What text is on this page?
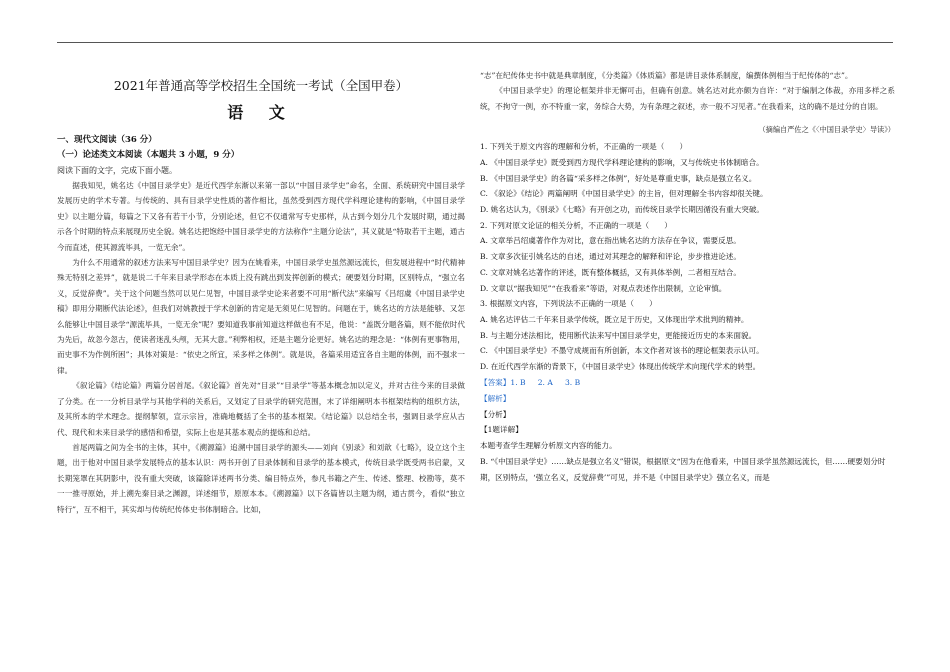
2021年普通高等学校招生全国统一考试（全国甲卷）
语 文
一、现代文阅读（36 分）
（一）论述类文本阅读（本题共 3 小题，9 分）
阅读下面的文字，完成下面小题。

据我知见，姚名达《中国目录学史》是近代西学东渐以来第一部以“中国目录学史”命名，全面、系统研究中国目录学发展历史的学术专著。与传统的、具有目录学史性质的著作相比，虽然受到西方现代学科理论建构的影响，《中国目录学史》以主题分篇，每篇之下又各有若干小节，分别论述，但它不仅通常写专史那样，从古到今划分几个发展时期，通过揭示各个时期的特点来展现历史全貌。姚名达把饱经中国目录学史的方法称作“主题分论法”，其义就是“特取若干主题，通古今而直述，使其源流毕具，一览无余”。

为什么不用通常的叙述方法来写中国目录学史？因为在姚看来，中国目录学史虽然源远流长，但发展进程中“时代精神殊无特别之差异”，就是说二千年来目录学形态在本质上没有跳出到发挥创新的模式；硬要划分时期，区别特点，“强立名义，反觉辞费”。关于这个问题当然可以见仁见智，中国目录学史论来者要不可用“断代法”来编写《吕绍虞《中国目录学史稿》即用分期断代法论述》，但我们对姚教授于学术创新的肯定是无须见仁见智的。问题在于，姚名达的方法是能够、又怎么能够让中国目录学“源流毕具，一览无余”呢？要知道我事前知道这样做也有不足，他说：“盖既分题各篇，则不能依时代为先后，故忽今忽古，使读者迷乱头颅，无其大意。”利弊相权，还是主题分论更好。姚名达的理念是：“体例有更事物用，而史事不为作例所困”；具体对策是：“依史之所宜，采多样之体例”。就是说，各篇采用适宜各自主题的体例，而不强求一律。

《叙论篇》《结论篇》两篇分居首尾。《叙论篇》首先对“目录”“目录学”等基本概念加以定义，并对古往今来的目录做了分类。在一一分析目录学与其他学科的关系后，又划定了目录学的研究范围，末了详细阐明本书框架结构的组织方法，及其所本的学术理念。提纲挈领，宣示宗旨，准确地概括了全书的基本框架。《结论篇》以总结全书，强调目录学应从古代、现代和未来目录学的感悟和希望，实际上也是其基本观点的提炼和总结。

首尾两篇之间为全书的主体，其中，《溯源篇》追溯中国目录学的源头——刘向《别录》和刘歆《七略》，设立这个主题，出于他对中国目录学发展特点的基本认识：两书开创了目录体制和目录学的基本模式，传统目录学既受两书启蒙，又长期笼罩在其阴影中，没有重大突破，该篇除详述两书分类、编目特点外，参凡书籍之产生、传述、整理、校勘等，莫不一一推寻原始，并上溯先秦目录之渊源，详述细节，原原本本。《溯源篇》以下各篇皆以主题为纲，通古贯今，看似“独立特行”，互不相干，其实却与传统纪传体史书体制暗合。比如，

“志”在纪传体史书中就是典章制度，《分类篇》《体质篇》都是讲目录体系制度，编撰体例相当于纪传体的“志”。

《中国目录学史》的理论框架并非无懈可击，但确有创意。姚名达对此亦颇为自许：“对于编制之体裁，亦用多样之系统，不拘守一例，亦不特重一家，务综合大势，为有条理之叙述，亦一般不习见者。”在我看来，这的确不是过分的自诩。

（摘编自严佐之《〈中国目录学史〉导读》）

1. 下列关于原文内容的理解和分析，不正确的一项是（　　）

A. 《中国目录学史》既受到西方现代学科理论建构的影响，又与传统史书体制暗合。

B. 《中国目录学史》的各篇“采多样之体例”，好处是尊重史事，缺点是强立名义。

C. 《叙论》《结论》两篇阐明《中国目录学史》的主旨，但对理解全书内容却很关键。

D. 姚名达认为，《别录》《七略》有开创之功，而传统目录学长期因循没有重大突破。

2. 下列对原文论证的相关分析，不正确的一项是（　　）

A. 文章举吕绍虞著作作为对比，意在指出姚名达的方法存在争议，需要反思。

B. 文章多次征引姚名达的自述，通过对其理念的解释和评论，步步推进论述。

C. 文章对姚名达著作的评述，既有整体概括，又有具体举例，二者相互结合。

D. 文章以“据我知见”“在我看来”等语，对观点表述作出限制，立论审慎。

3. 根据原文内容，下列说法不正确的一项是（　　）

A. 姚名达评估二千年来目录学传统，既立足于历史，又体现出学术批判的精神。

B. 与主题分述法相比，使用断代法来写中国目录学史，更能接近历史的本来面貌。

C. 《中国目录学史》不墨守成规而有所创新，本文作者对该书的理论框架表示认可。

D. 在近代西学东渐的背景下，《中国目录学史》体现出传统学术向现代学术的转型。

【答案】1. B 2. A 3. B
【解析】
【分析】

【1题详解】

本题考查学生理解分析原文内容的能力。

B. “《中国目录学史》……缺点是强立名义”错误，根据原文“因为在他看来，中国目录学虽然源远流长，但……硬要划分时期，区别特点，‘强立名义，反觉辞费’”可见，并不是《中国目录学史》强立名义，而是
